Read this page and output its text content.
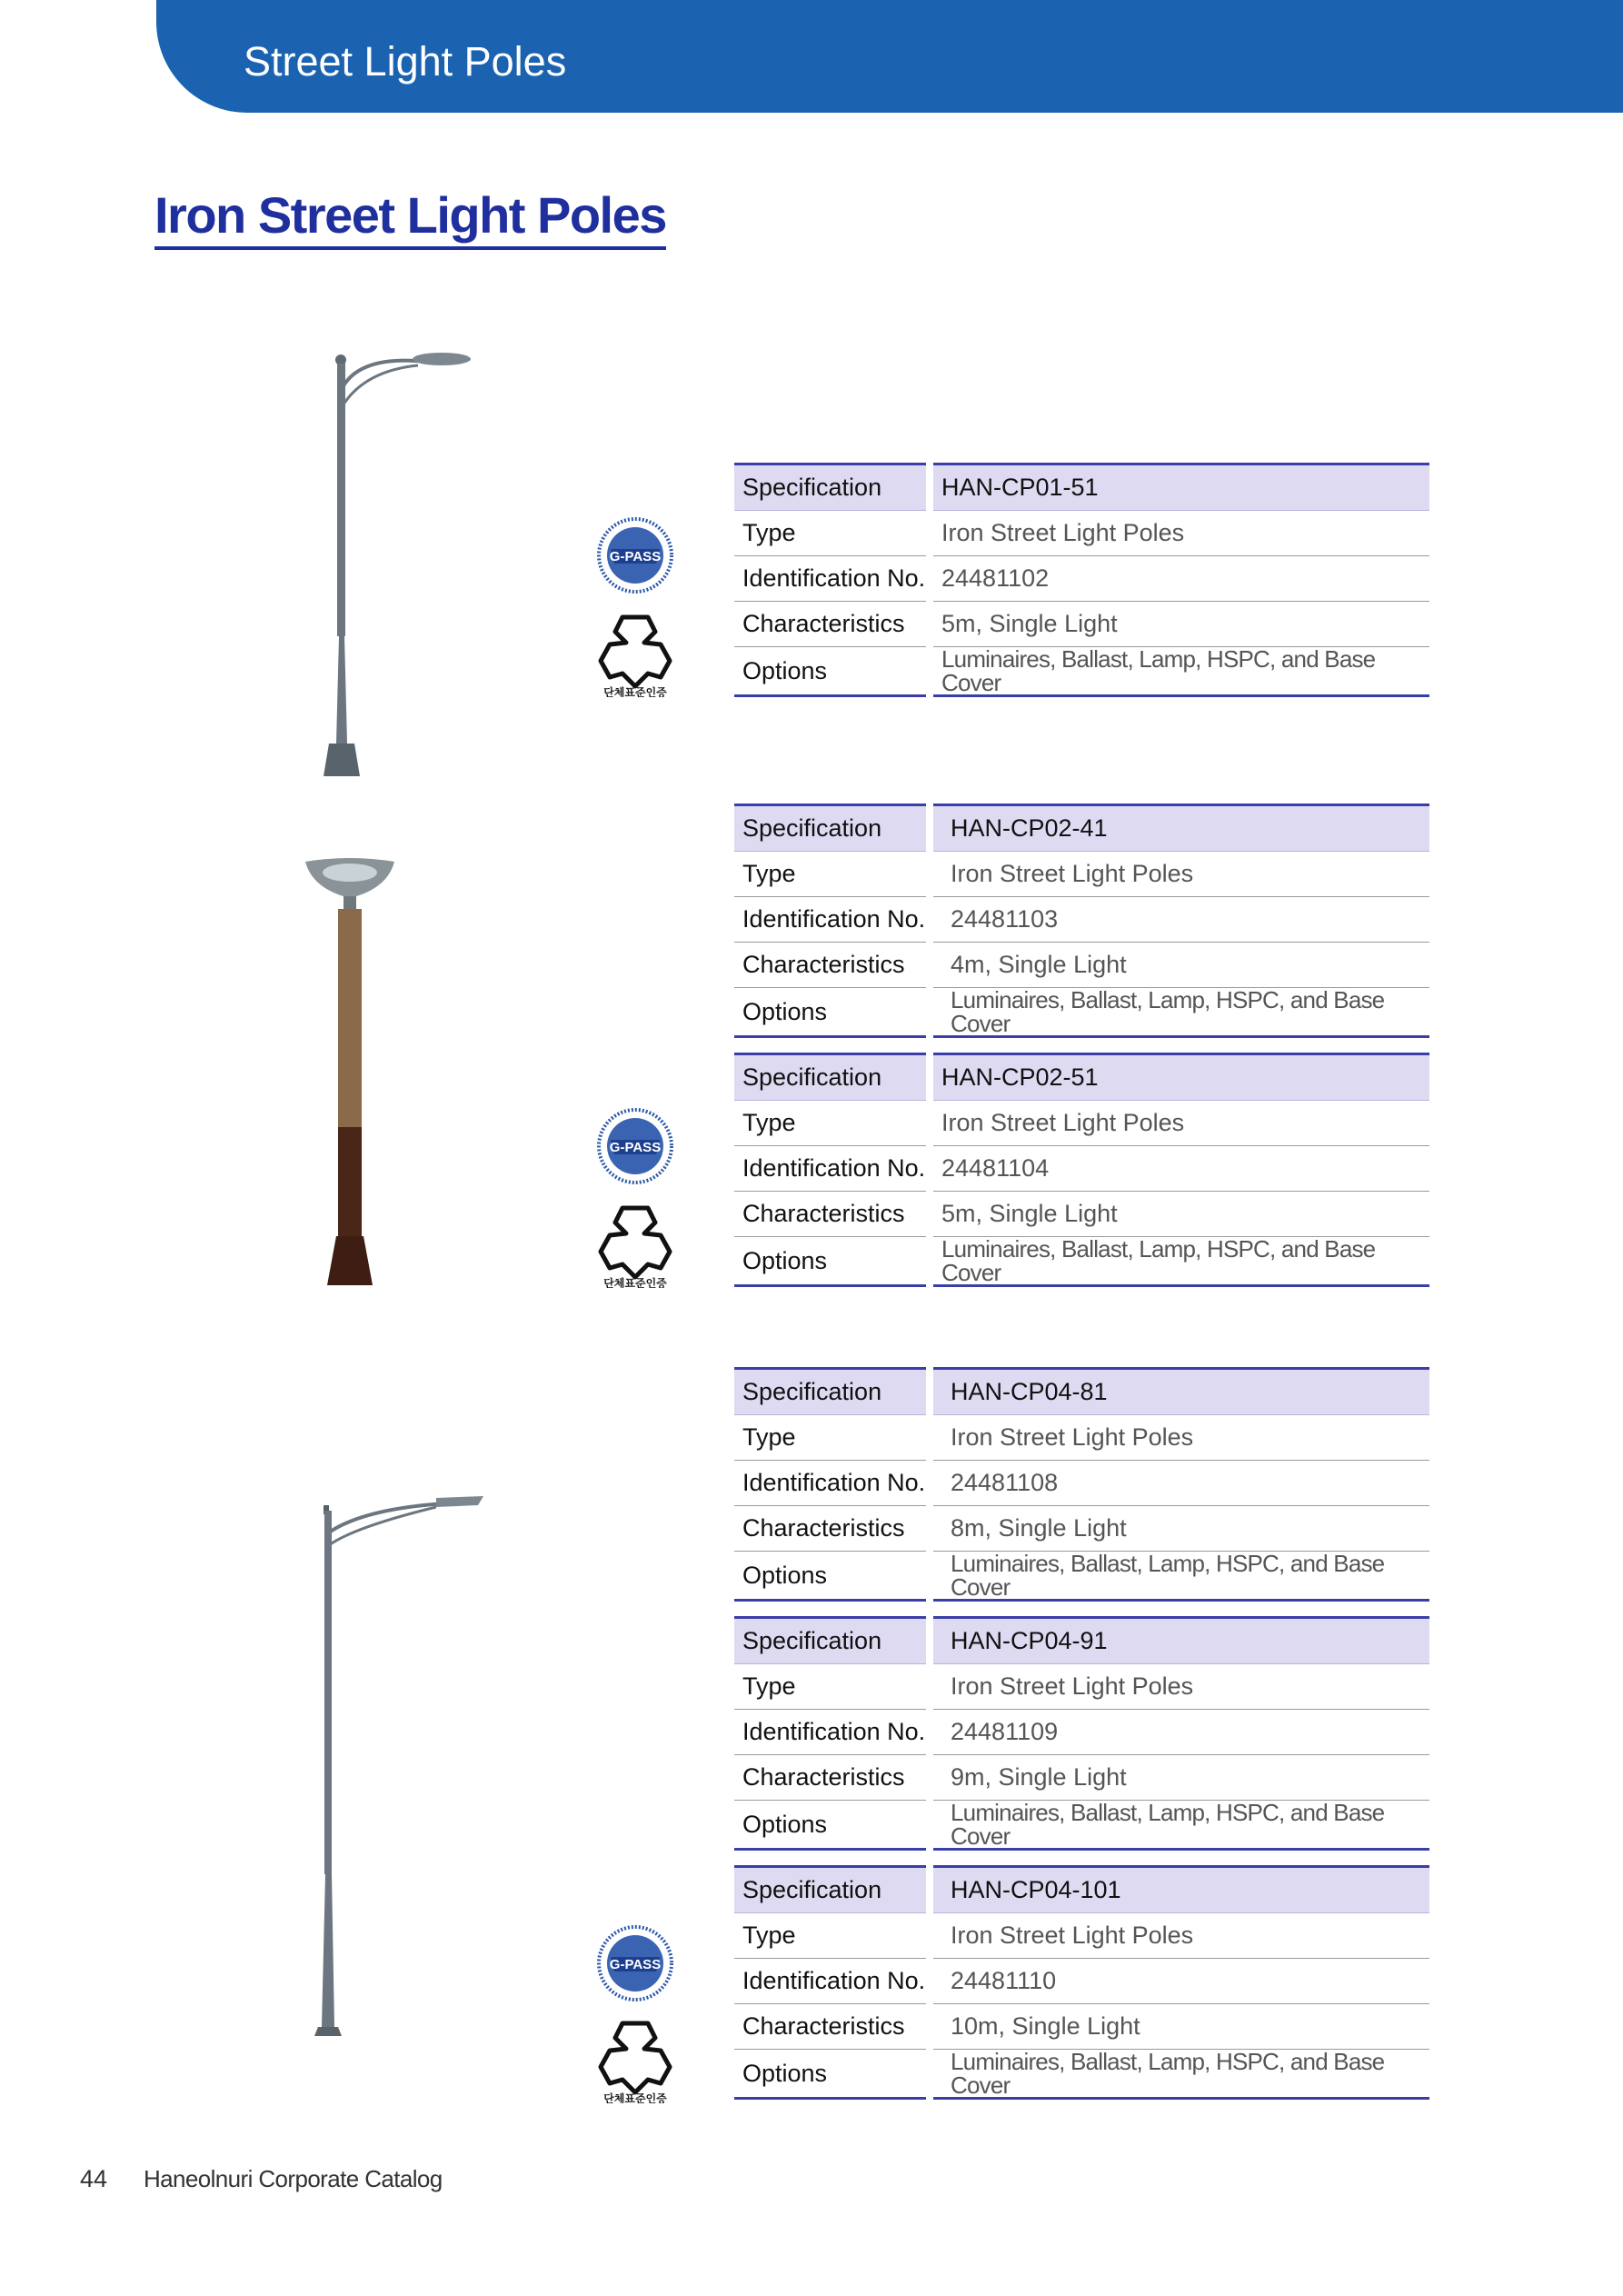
Street Light Poles
Iron Street Light Poles
G-PASS
단체표준인증
G-PASS
단체표준인증
G-PASS
단체표준인증
Specification	HAN-CP01-51
Type	Iron Street Light Poles
Identification No.	24481102
Characteristics	5m, Single Light
Options	Luminaires, Ballast, Lamp, HSPC, and Base Cover
Specification	HAN-CP02-41
Type	Iron Street Light Poles
Identification No.	24481103
Characteristics	4m, Single Light
Options	Luminaires, Ballast, Lamp, HSPC, and Base Cover
Specification	HAN-CP02-51
Type	Iron Street Light Poles
Identification No.	24481104
Characteristics	5m, Single Light
Options	Luminaires, Ballast, Lamp, HSPC, and Base Cover
Specification	HAN-CP04-81
Type	Iron Street Light Poles
Identification No.	24481108
Characteristics	8m, Single Light
Options	Luminaires, Ballast, Lamp, HSPC, and Base Cover
Specification	HAN-CP04-91
Type	Iron Street Light Poles
Identification No.	24481109
Characteristics	9m, Single Light
Options	Luminaires, Ballast, Lamp, HSPC, and Base Cover
Specification	HAN-CP04-101
Type	Iron Street Light Poles
Identification No.	24481110
Characteristics	10m, Single Light
Options	Luminaires, Ballast, Lamp, HSPC, and Base Cover
44 Haneolnuri Corporate Catalog
